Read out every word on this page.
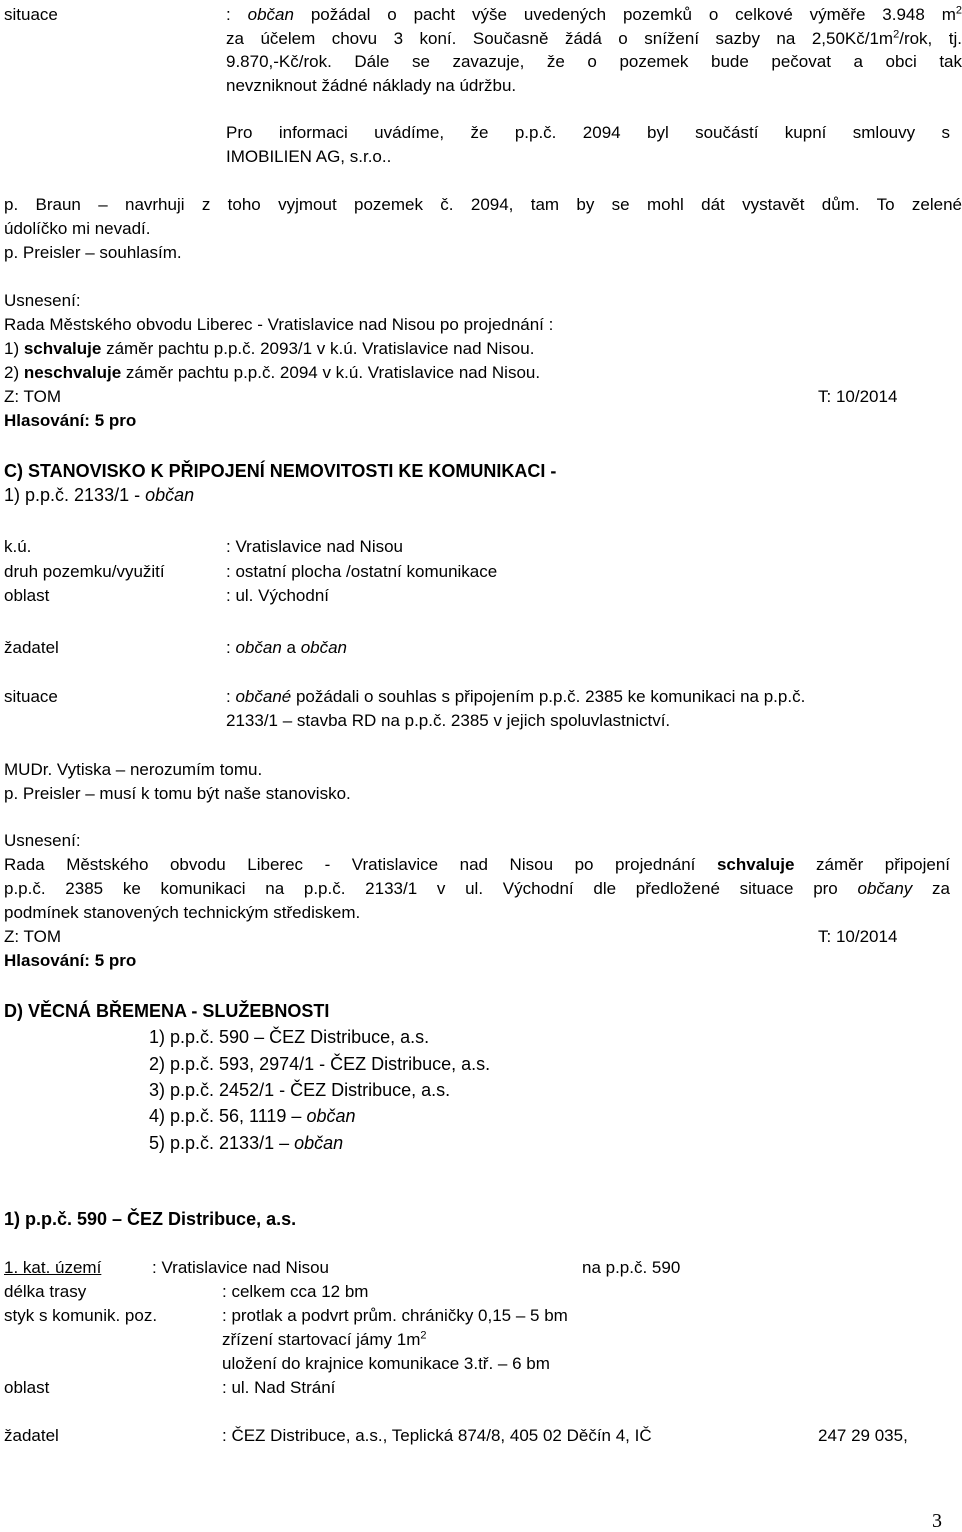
situace	: občan požádal o pacht výše uvedených pozemků o celkové výměře 3.948 $m^2$
za účelem chovu 3 koní. Současně žádá o snížení sazby na $2,50Kč/1m^2$/rok, tj.
9.870,-Kč/rok. Dále se zavazuje, že o pozemek bude pečovat a obci tak
nevzniknout žádné náklady na údržbu.
Pro informaci uvádíme, že p.p.č. 2094 byl součástí kupní smlouvy s
IMOBILIEN AG, s.r.o..
p. Braun – navrhuji z toho vyjmout pozemek č. 2094, tam by se mohl dát vystavět dům. To zelené
údolíčko mi nevadí.
p. Preisler – souhlasím.
Usnesení:
Rada Městského obvodu Liberec - Vratislavice nad Nisou po projednání :
1) schvaluje záměr pachtu p.p.č. 2093/1 v k.ú. Vratislavice nad Nisou.
2) neschvaluje záměr pachtu p.p.č. 2094 v k.ú. Vratislavice nad Nisou.
Z: TOM	T: 10/2014
Hlasování: 5 pro
C) STANOVISKO K PŘIPOJENÍ NEMOVITOSTI KE KOMUNIKACI -
1) p.p.č. 2133/1 - občan
k.ú.	: Vratislavice nad Nisou
druh pozemku/využití	: ostatní plocha /ostatní komunikace
oblast	: ul. Východní
žadatel	: občan a občan
situace	: občané požádali o souhlas s připojením p.p.č. 2385 ke komunikaci na p.p.č.
2133/1 – stavba RD na p.p.č. 2385 v jejich spoluvlastnictví.
MUDr. Vytiska – nerozumím tomu.
p. Preisler – musí k tomu být naše stanovisko.
Usnesení:
Rada Městského obvodu Liberec - Vratislavice nad Nisou po projednání schvaluje záměr připojení
p.p.č. 2385 ke komunikaci na p.p.č. 2133/1 v ul. Východní dle předložené situace pro občany za
podmínek stanovených technickým střediskem.
Z: TOM	T: 10/2014
Hlasování: 5 pro
D) VĚCNÁ BŘEMENA - SLUŽEBNOSTI
1) p.p.č. 590 – ČEZ Distribuce, a.s.
2) p.p.č. 593, 2974/1 - ČEZ Distribuce, a.s.
3) p.p.č. 2452/1 - ČEZ Distribuce, a.s.
4) p.p.č. 56, 1119 – občan
5) p.p.č. 2133/1 – občan
1) p.p.č. 590 – ČEZ Distribuce, a.s.
1. kat. území	: Vratislavice nad Nisou	na p.p.č. 590

délka trasy	: celkem cca 12 bm
styk s komunik. poz.	: protlak a podvrt prům. chráničky 0,15 – 5 bm
zřízení startovací jámy $1m^2$
uložení do krajnice komunikace 3.tř. – 6 bm
oblast	: ul. Nad Strání
žadatel	: ČEZ Distribuce, a.s., Teplická 874/8, 405 02 Děčín 4, IČ	247 29 035,
3
